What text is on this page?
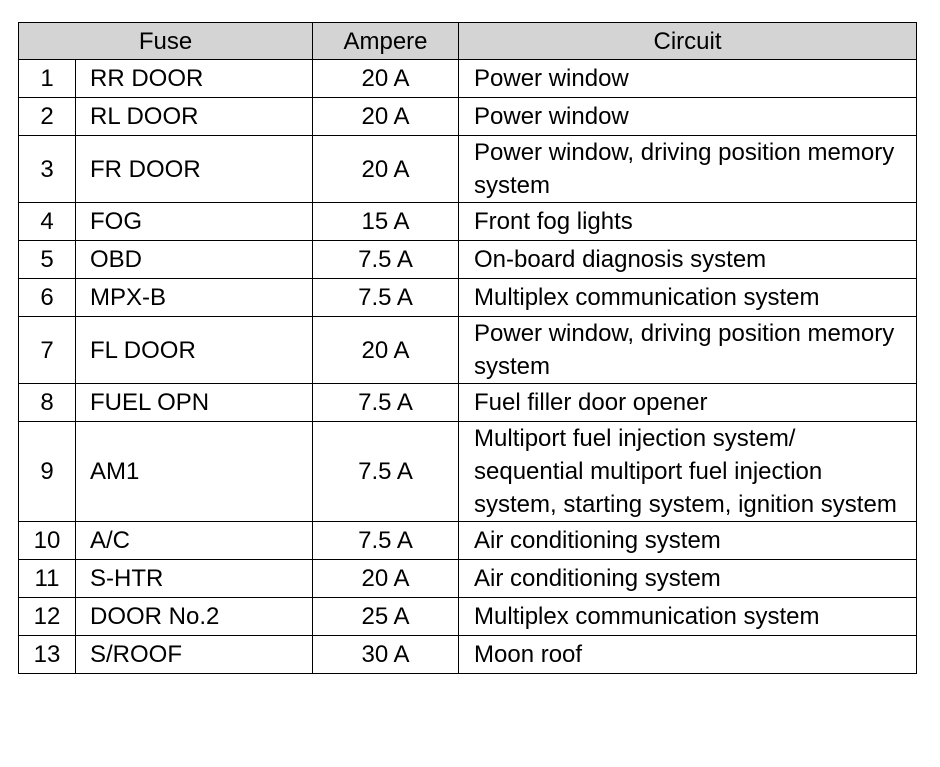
Fuse		Ampere	Circuit
1	RR DOOR	20 A	Power window
2	RL DOOR	20 A	Power window
3	FR DOOR	20 A	Power window, driving position memory system
4	FOG	15 A	Front fog lights
5	OBD	7.5 A	On-board diagnosis system
6	MPX-B	7.5 A	Multiplex communication system
7	FL DOOR	20 A	Power window, driving position memory system
8	FUEL OPN	7.5 A	Fuel filler door opener
9	AM1	7.5 A	Multiport fuel injection system/ sequential multiport fuel injection system, starting system, ignition system
10	A/C	7.5 A	Air conditioning system
11	S-HTR	20 A	Air conditioning system
12	DOOR No.2	25 A	Multiplex communication system
13	S/ROOF	30 A	Moon roof
